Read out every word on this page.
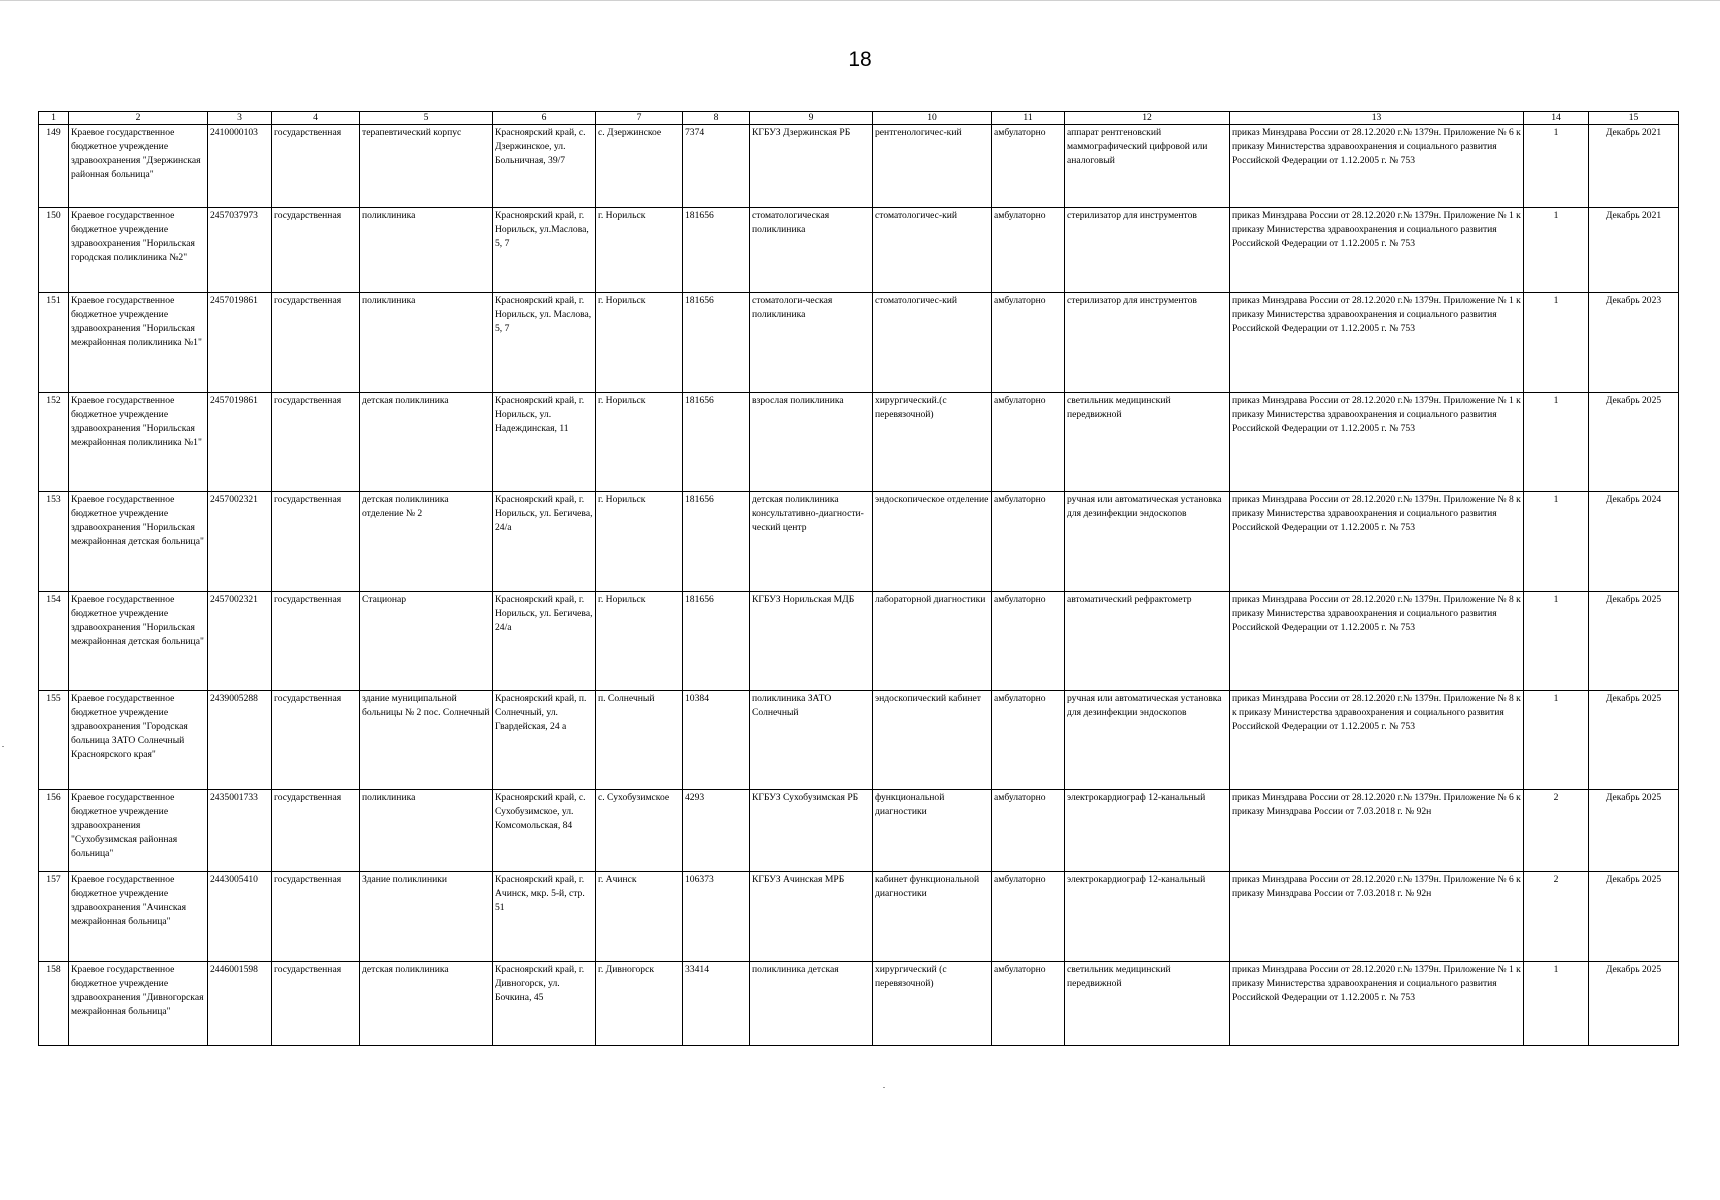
18
1	2	3	4	5	6	7	8	9	10	11	12	13	14	15
149	Краевое государственное бюджетное учреждение здравоохранения "Дзержинская районная больница"	2410000103	государственная	терапевтический корпус	Красноярский край, с. Дзержинское, ул. Больничная, 39/7	с. Дзержинское	7374	КГБУЗ Дзержинская РБ	рентгенологичес-кий	амбулаторно	аппарат рентгеновский маммографический цифровой или аналоговый	приказ Минздрава России от 28.12.2020 г.№ 1379н. Приложение № 6 к приказу Министерства здравоохранения и социального развития Российской Федерации от 1.12.2005 г. № 753	1	Декабрь 2021
150	Краевое государственное бюджетное учреждение здравоохранения "Норильская городская поликлиника №2"	2457037973	государственная	поликлиника	Красноярский край, г. Норильск, ул.Маслова, 5, 7	г. Норильск	181656	стоматологическая поликлиника	стоматологичес-кий	амбулаторно	стерилизатор для инструментов	приказ Минздрава России от 28.12.2020 г.№ 1379н. Приложение № 1 к приказу Министерства здравоохранения и социального развития Российской Федерации от 1.12.2005 г. № 753	1	Декабрь 2021
151	Краевое государственное бюджетное учреждение здравоохранения "Норильская межрайонная поликлиника №1"	2457019861	государственная	поликлиника	Красноярский край, г. Норильск, ул. Маслова, 5, 7	г. Норильск	181656	стоматологи-ческая поликлиника	стоматологичес-кий	амбулаторно	стерилизатор для инструментов	приказ Минздрава России от 28.12.2020 г.№ 1379н. Приложение № 1 к приказу Министерства здравоохранения и социального развития Российской Федерации от 1.12.2005 г. № 753	1	Декабрь 2023
152	Краевое государственное бюджетное учреждение здравоохранения "Норильская межрайонная поликлиника №1"	2457019861	государственная	детская поликлиника	Красноярский край, г. Норильск, ул. Надеждинская, 11	г. Норильск	181656	взрослая поликлиника	хирургический.(с перевязочной)	амбулаторно	светильник медицинский передвижной	приказ Минздрава России от 28.12.2020 г.№ 1379н. Приложение № 1 к приказу Министерства здравоохранения и социального развития Российской Федерации от 1.12.2005 г. № 753	1	Декабрь 2025
153	Краевое государственное бюджетное учреждение здравоохранения "Норильская межрайонная детская больница"	2457002321	государственная	детская поликлиника отделение № 2	Красноярский край, г. Норильск, ул. Бегичева, 24/а	г. Норильск	181656	детская поликлиника консультативно-диагности-ческий центр	эндоскопическое отделение	амбулаторно	ручная или автоматическая установка для дезинфекции эндоскопов	приказ Минздрава России от 28.12.2020 г.№ 1379н. Приложение № 8 к приказу Министерства здравоохранения и социального развития Российской Федерации от 1.12.2005 г. № 753	1	Декабрь 2024
154	Краевое государственное бюджетное учреждение здравоохранения "Норильская межрайонная детская больница"	2457002321	государственная	Стационар	Красноярский край, г. Норильск, ул. Бегичева, 24/а	г. Норильск	181656	КГБУЗ Норильская МДБ	лабораторной диагностики	амбулаторно	автоматический рефрактометр	приказ Минздрава России от 28.12.2020 г.№ 1379н. Приложение № 8 к приказу Министерства здравоохранения и социального развития Российской Федерации от 1.12.2005 г. № 753	1	Декабрь 2025
155	Краевое государственное бюджетное учреждение здравоохранения "Городская больница ЗАТО Солнечный Красноярского края"	2439005288	государственная	здание муниципальной больницы № 2 пос. Солнечный	Красноярский край, п. Солнечный, ул. Гвардейская, 24 а	п. Солнечный	10384	поликлиника ЗАТО Солнечный	эндоскопический кабинет	амбулаторно	ручная или автоматическая установка для дезинфекции эндоскопов	приказ Минздрава России от 28.12.2020 г.№ 1379н. Приложение № 8 к к приказу Министерства здравоохранения и социального развития Российской Федерации от 1.12.2005 г. № 753	1	Декабрь 2025
156	Краевое государственное бюджетное учреждение здравоохранения "Сухобузимская районная больница"	2435001733	государственная	поликлиника	Красноярский край, с. Сухобузимское, ул. Комсомольская, 84	с. Сухобузимское	4293	КГБУЗ Сухобузимская РБ	функциональной диагностики	амбулаторно	электрокардиограф 12-канальный	приказ Минздрава России от 28.12.2020 г.№ 1379н. Приложение № 6 к приказу Минздрава России от 7.03.2018 г. № 92н	2	Декабрь 2025
157	Краевое государственное бюджетное учреждение здравоохранения "Ачинская межрайонная больница"	2443005410	государственная	Здание поликлиники	Красноярский край, г. Ачинск, мкр. 5-й, стр. 51	г. Ачинск	106373	КГБУЗ Ачинская МРБ	кабинет функциональной диагностики	амбулаторно	электрокардиограф 12-канальный	приказ Минздрава России от 28.12.2020 г.№ 1379н. Приложение № 6 к приказу Минздрава России от 7.03.2018 г. № 92н	2	Декабрь 2025
158	Краевое государственное бюджетное учреждение здравоохранения "Дивногорская межрайонная больница"	2446001598	государственная	детская поликлиника	Красноярский край, г. Дивногорск, ул. Бочкина, 45	г. Дивногорск	33414	поликлиника детская	хирургический (с перевязочной)	амбулаторно	светильник медицинский передвижной	приказ Минздрава России от 28.12.2020 г.№ 1379н. Приложение № 1 к приказу Министерства здравоохранения и социального развития Российской Федерации от 1.12.2005 г. № 753	1	Декабрь 2025
